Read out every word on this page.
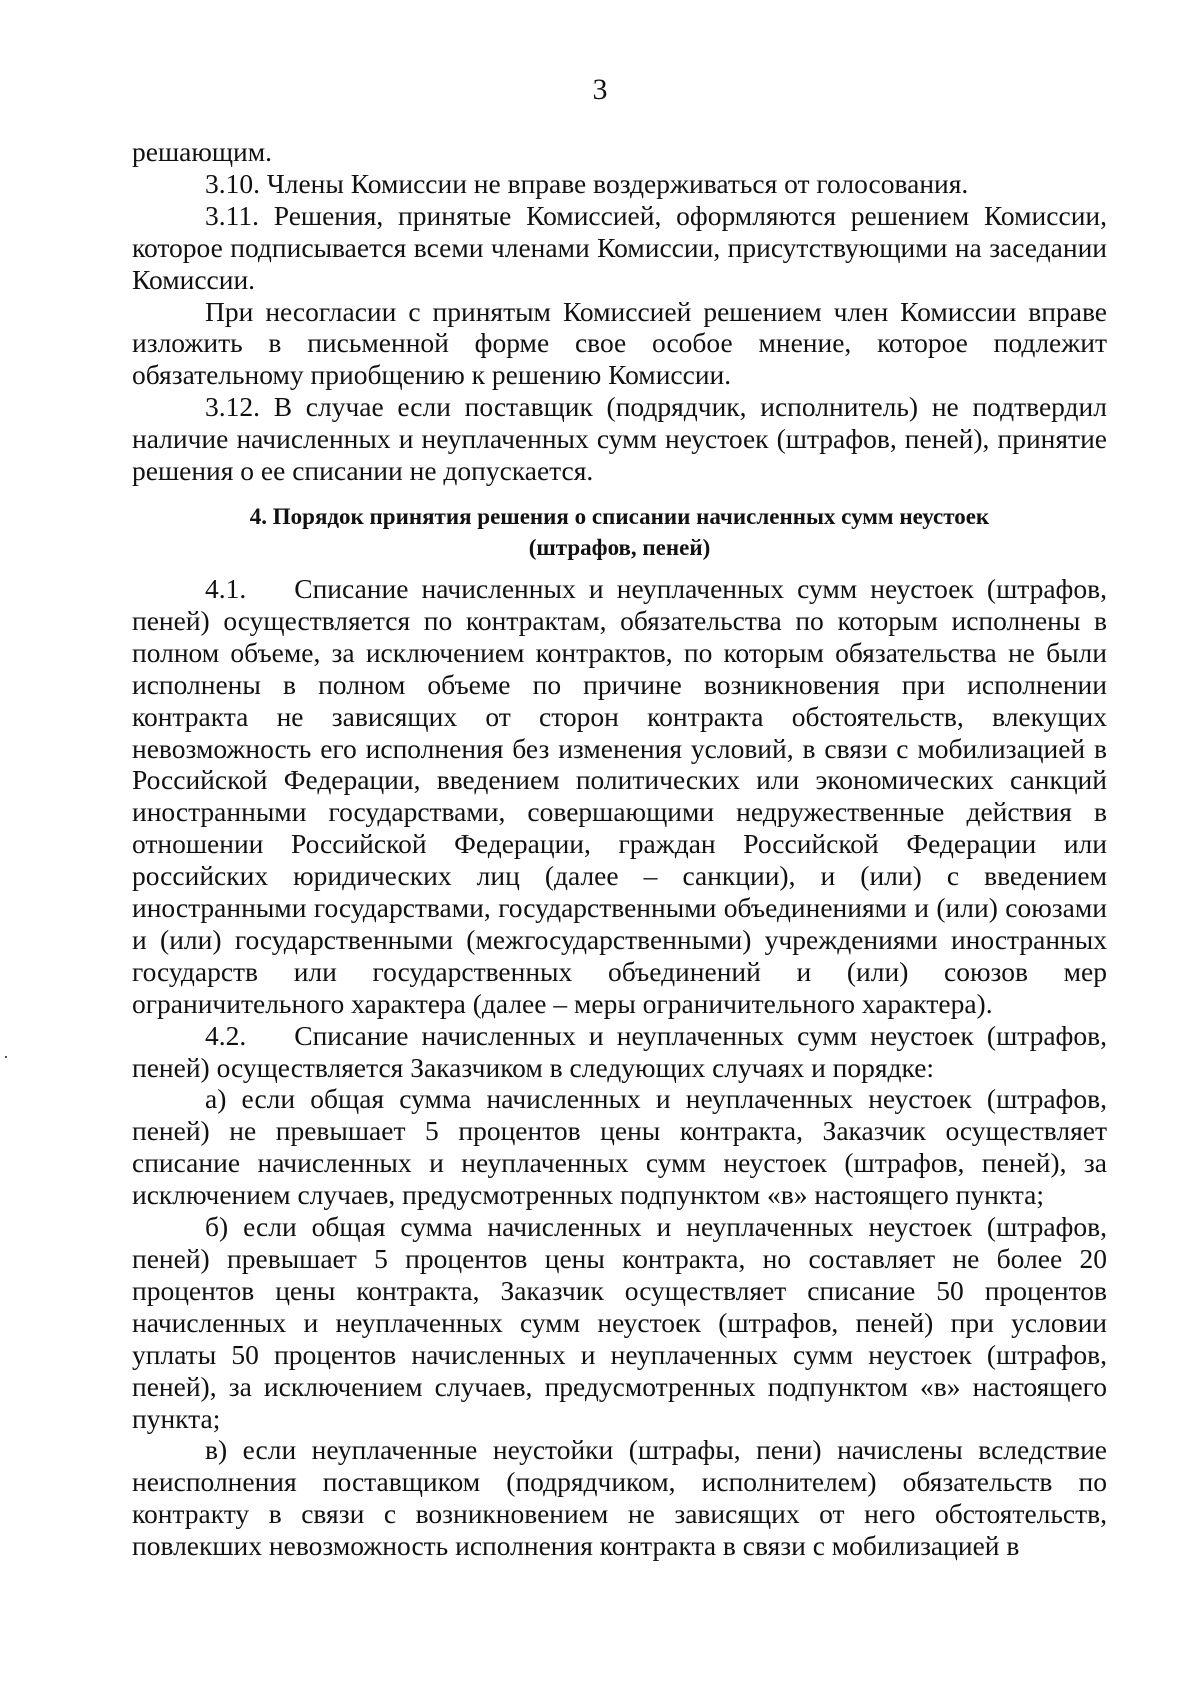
3

решающим.

3.10. Члены Комиссии не вправе воздерживаться от голосования.

3.11. Решения, принятые Комиссией, оформляются решением Комиссии, которое подписывается всеми членами Комиссии, присутствующими на заседании Комиссии.

При несогласии с принятым Комиссией решением член Комиссии вправе изложить в письменной форме свое особое мнение, которое подлежит обязательному приобщению к решению Комиссии.

3.12. В случае если поставщик (подрядчик, исполнитель) не подтвердил наличие начисленных и неуплаченных сумм неустоек (штрафов, пеней), принятие решения о ее списании не допускается.

4. Порядок принятия решения о списании начисленных сумм неустоек
(штрафов, пеней)

4.1. Списание начисленных и неуплаченных сумм неустоек (штрафов, пеней) осуществляется по контрактам, обязательства по которым исполнены в полном объеме, за исключением контрактов, по которым обязательства не были исполнены в полном объеме по причине возникновения при исполнении контракта не зависящих от сторон контракта обстоятельств, влекущих невозможность его исполнения без изменения условий, в связи с мобилизацией в Российской Федерации, введением политических или экономических санкций иностранными государствами, совершающими недружественные действия в отношении Российской Федерации, граждан Российской Федерации или российских юридических лиц (далее – санкции), и (или) с введением иностранными государствами, государственными объединениями и (или) союзами и (или) государственными (межгосударственными) учреждениями иностранных государств или государственных объединений и (или) союзов мер ограничительного характера (далее – меры ограничительного характера).

4.2. Списание начисленных и неуплаченных сумм неустоек (штрафов, пеней) осуществляется Заказчиком в следующих случаях и порядке:

а) если общая сумма начисленных и неуплаченных неустоек (штрафов, пеней) не превышает 5 процентов цены контракта, Заказчик осуществляет списание начисленных и неуплаченных сумм неустоек (штрафов, пеней), за исключением случаев, предусмотренных подпунктом «в» настоящего пункта;

б) если общая сумма начисленных и неуплаченных неустоек (штрафов, пеней) превышает 5 процентов цены контракта, но составляет не более 20 процентов цены контракта, Заказчик осуществляет списание 50 процентов начисленных и неуплаченных сумм неустоек (штрафов, пеней) при условии уплаты 50 процентов начисленных и неуплаченных сумм неустоек (штрафов, пеней), за исключением случаев, предусмотренных подпунктом «в» настоящего пункта;

в) если неуплаченные неустойки (штрафы, пени) начислены вследствие неисполнения поставщиком (подрядчиком, исполнителем) обязательств по контракту в связи с возникновением не зависящих от него обстоятельств, повлекших невозможность исполнения контракта в связи с мобилизацией в
